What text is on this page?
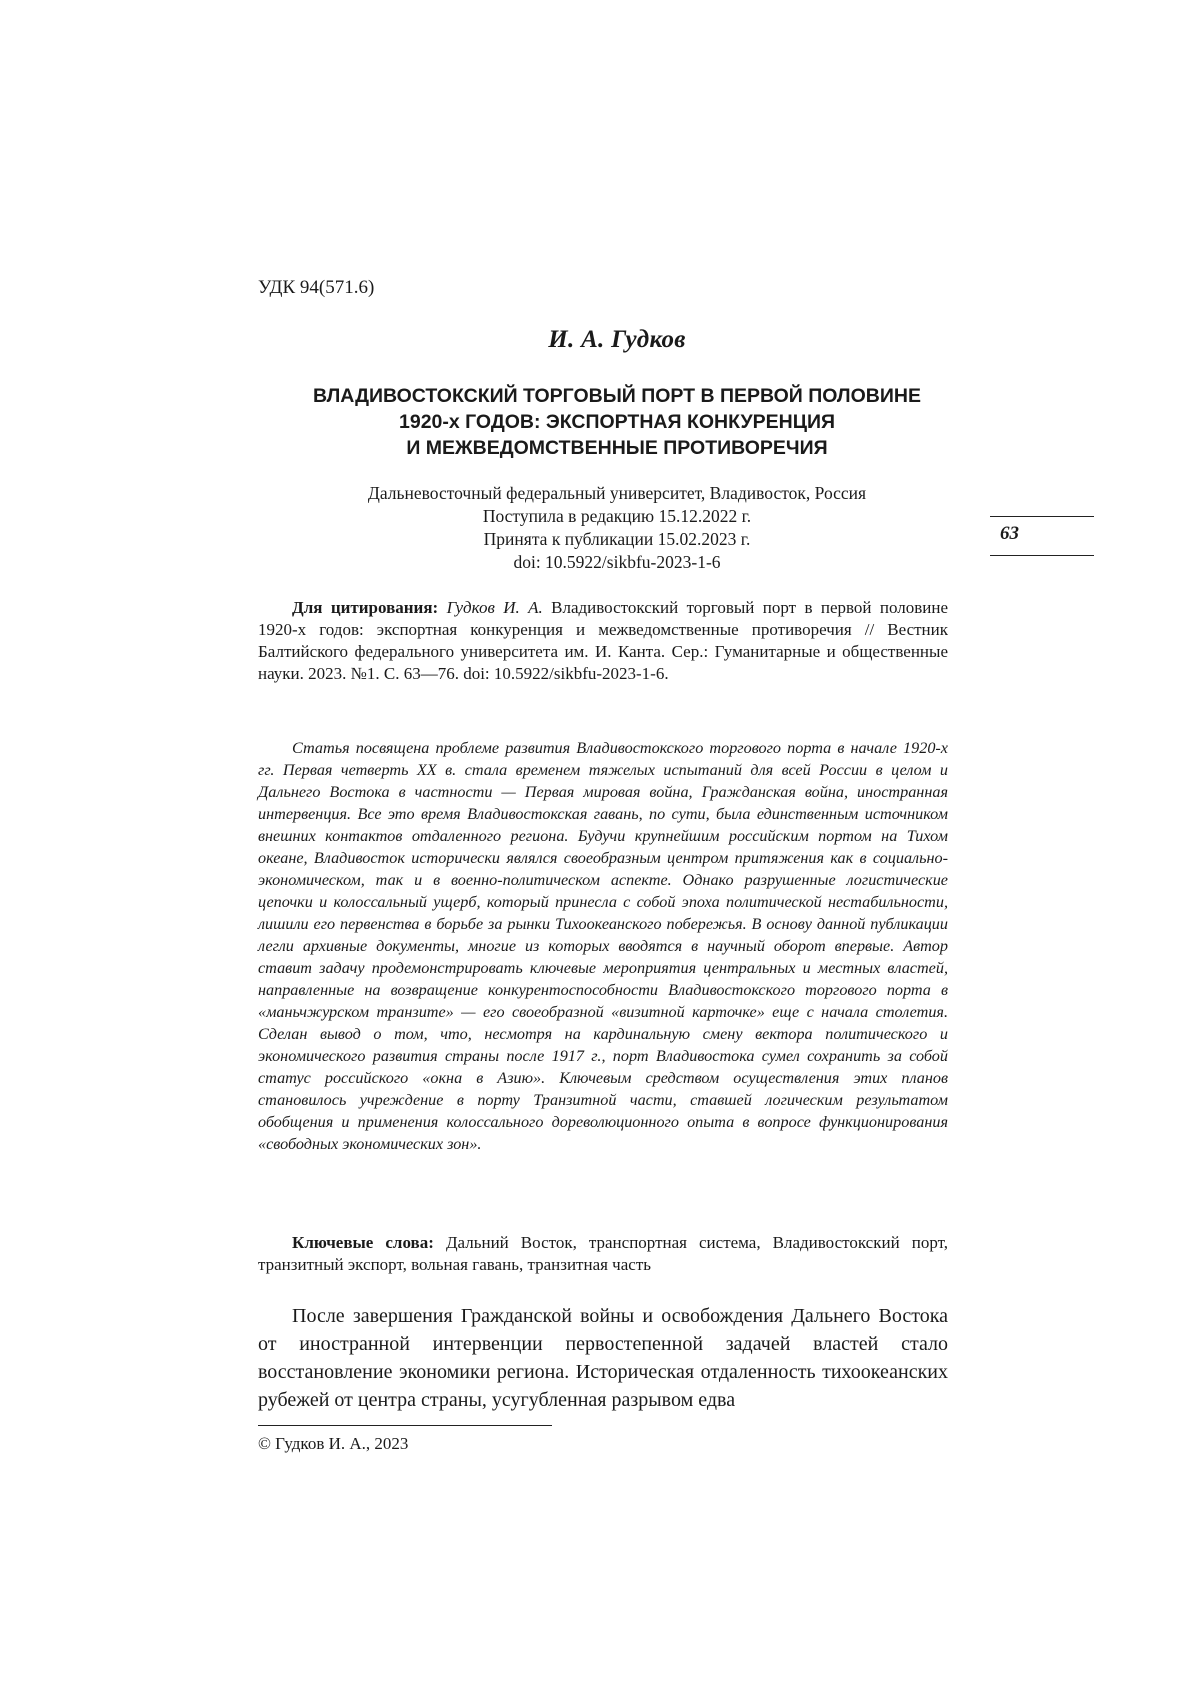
УДК 94(571.6)
И. А. Гудков
ВЛАДИВОСТОКСКИЙ ТОРГОВЫЙ ПОРТ В ПЕРВОЙ ПОЛОВИНЕ
1920-х ГОДОВ: ЭКСПОРТНАЯ КОНКУРЕНЦИЯ
И МЕЖВЕДОМСТВЕННЫЕ ПРОТИВОРЕЧИЯ
Дальневосточный федеральный университет, Владивосток, Россия
Поступила в редакцию 15.12.2022 г.
Принята к публикации 15.02.2023 г.
doi: 10.5922/sikbfu-2023-1-6
63
Для цитирования: Гудков И. А. Владивостокский торговый порт в первой половине 1920-х годов: экспортная конкуренция и межведомственные противоречия // Вестник Балтийского федерального университета им. И. Канта. Сер.: Гуманитарные и общественные науки. 2023. №1. С. 63—76. doi: 10.5922/sikbfu-2023-1-6.
Статья посвящена проблеме развития Владивостокского торгового порта в начале 1920-х гг. Первая четверть XX в. стала временем тяжелых испытаний для всей России в целом и Дальнего Востока в частности — Первая мировая война, Гражданская война, иностранная интервенция. Все это время Владивостокская гавань, по сути, была единственным источником внешних контактов отдаленного региона. Будучи крупнейшим российским портом на Тихом океане, Владивосток исторически являлся своеобразным центром притяжения как в социально-экономическом, так и в военно-политическом аспекте. Однако разрушенные логистические цепочки и колоссальный ущерб, который принесла с собой эпоха политической нестабильности, лишили его первенства в борьбе за рынки Тихоокеанского побережья. В основу данной публикации легли архивные документы, многие из которых вводятся в научный оборот впервые. Автор ставит задачу продемонстрировать ключевые мероприятия центральных и местных властей, направленные на возвращение конкурентоспособности Владивостокского торгового порта в «маньчжурском транзите» — его своеобразной «визитной карточке» еще с начала столетия. Сделан вывод о том, что, несмотря на кардинальную смену вектора политического и экономического развития страны после 1917 г., порт Владивостока сумел сохранить за собой статус российского «окна в Азию». Ключевым средством осуществления этих планов становилось учреждение в порту Транзитной части, ставшей логическим результатом обобщения и применения колоссального дореволюционного опыта в вопросе функционирования «свободных экономических зон».
Ключевые слова: Дальний Восток, транспортная система, Владивостокский порт, транзитный экспорт, вольная гавань, транзитная часть
После завершения Гражданской войны и освобождения Дальнего Востока от иностранной интервенции первостепенной задачей властей стало восстановление экономики региона. Историческая отдаленность тихоокеанских рубежей от центра страны, усугубленная разрывом едва
© Гудков И. А., 2023
